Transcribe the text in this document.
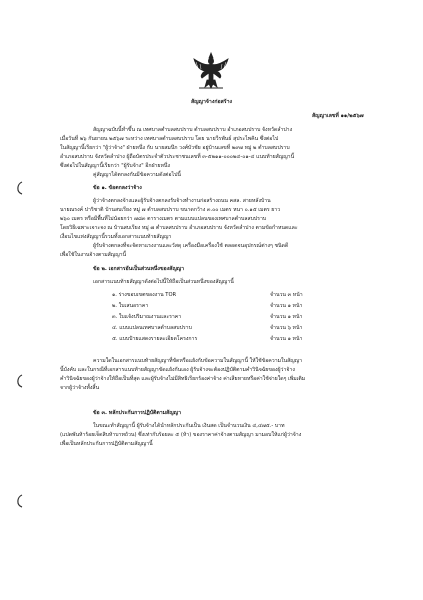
สัญญาจ้างก่อสร้าง
สัญญาเลขที่ ๑๑/๒๕๖๗
สัญญาฉบับนี้ทำขึ้น ณ เทศบาลตำบลสบปราบ ตำบลสบปราบ อำเภอสบปราบ จังหวัดลำปาง
เมื่อวันที่ ๒๖ กันยายน ๒๕๖๗ ระหว่าง เทศบาลตำบลสบปราบ โดย นายวีรพันธ์ สุประไพคิน ซึ่งต่อไป
ในสัญญานี้เรียกว่า "ผู้ว่าจ้าง" ฝ่ายหนึ่ง กับ นายสมนึก วงศ์บัวชัย อยู่บ้านเลขที่ ๒๙๗ หมู่ ๒ ตำบลสบปราบ
อำเภอสบปราบ จังหวัดลำปาง ผู้ถือบัตรประจำตัวประชาชนเลขที่ ๓-๕๒๑๑-๐๐๐๒๔-๐๑-๔ แนบท้ายสัญญานี้
ซึ่งต่อไปในสัญญานี้เรียกว่า "ผู้รับจ้าง" อีกฝ่ายหนึ่ง
คู่สัญญาได้ตกลงกันมีข้อความดังต่อไปนี้
ข้อ ๑. ข้อตกลงว่าจ้าง
ผู้ว่าจ้างตกลงจ้างและผู้รับจ้างตกลงรับจ้างทำงานก่อสร้างถนน คสล. สายหลังบ้าน
นายณรงค์ ปาริชาติ บ้านสบเรียง หมู่ ๗ ตำบลสบปราบ ขนาดกว้าง ๓.๐๐ เมตร หนา ๐.๑๕ เมตร ยาว
๒๖๐ เมตร หรือมีพื้นที่ไม่น้อยกว่า ๗๘๓ ตารางเมตร ตามแบบแปลนของเทศบาลตำบลสบปราบ
โดยวิธีเฉพาะเจาะจง ณ บ้านสบเรียง หมู่ ๗ ตำบลสบปราบ อำเภอสบปราบ จังหวัดลำปาง ตามข้อกำหนดและ
เงื่อนไขแห่งสัญญานี้รวมทั้งเอกสารแนบท้ายสัญญา
ผู้รับจ้างตกลงที่จะจัดหาแรงงานและวัสดุ เครื่องมือเครื่องใช้ ตลอดจนอุปกรณ์ต่างๆ ชนิดดี
เพื่อใช้ในงานจ้างตามสัญญานี้
ข้อ ๒. เอกสารอันเป็นส่วนหนึ่งของสัญญา
เอกสารแนบท้ายสัญญาดังต่อไปนี้ให้ถือเป็นส่วนหนึ่งของสัญญานี้
๑. ร่างขอบเขตของงาน TOR	จำนวน ๓ หน้า
๒. ใบเสนอราคา	จำนวน ๑ หน้า
๓. ใบแจ้งปริมาณงานและราคา	จำนวน ๑ หน้า
๔. แบบแปลนเทศบาลตำบลสบปราบ	จำนวน ๖ หน้า
๕. แบบป้ายแสดงรายละเอียดโครงการ	จำนวน ๑ หน้า
ความใดในเอกสารแนบท้ายสัญญาที่ขัดหรือแย้งกับข้อความในสัญญานี้ ให้ใช้ข้อความในสัญญา
นี้บังคับ และในกรณีที่เอกสารแนบท้ายสัญญาขัดแย้งกันเอง ผู้รับจ้างจะต้องปฏิบัติตามคำวินิจฉัยของผู้ว่าจ้าง
คำวินิจฉัยของผู้ว่าจ้างให้ถือเป็นที่สุด และผู้รับจ้างไม่มีสิทธิเรียกร้องค่าจ้าง ค่าเสียหายหรือค่าใช้จ่ายใดๆ เพิ่มเติม
จากผู้ว่าจ้างทั้งสิ้น
ข้อ ๓. หลักประกันการปฏิบัติตามสัญญา
ในขณะทำสัญญานี้ ผู้รับจ้างได้นำหลักประกันเป็น เงินสด เป็นจำนวนเงิน ๔,๔๗๕.- บาท
(แปดพันห้าร้อยเจ็ดสิบห้าบาทถ้วน) ซึ่งเท่ากับร้อยละ ๕ (ห้า) ของราคาค่าจ้างตามสัญญา มามอบให้แก่ผู้ว่าจ้าง
เพื่อเป็นหลักประกันการปฏิบัติตามสัญญานี้
